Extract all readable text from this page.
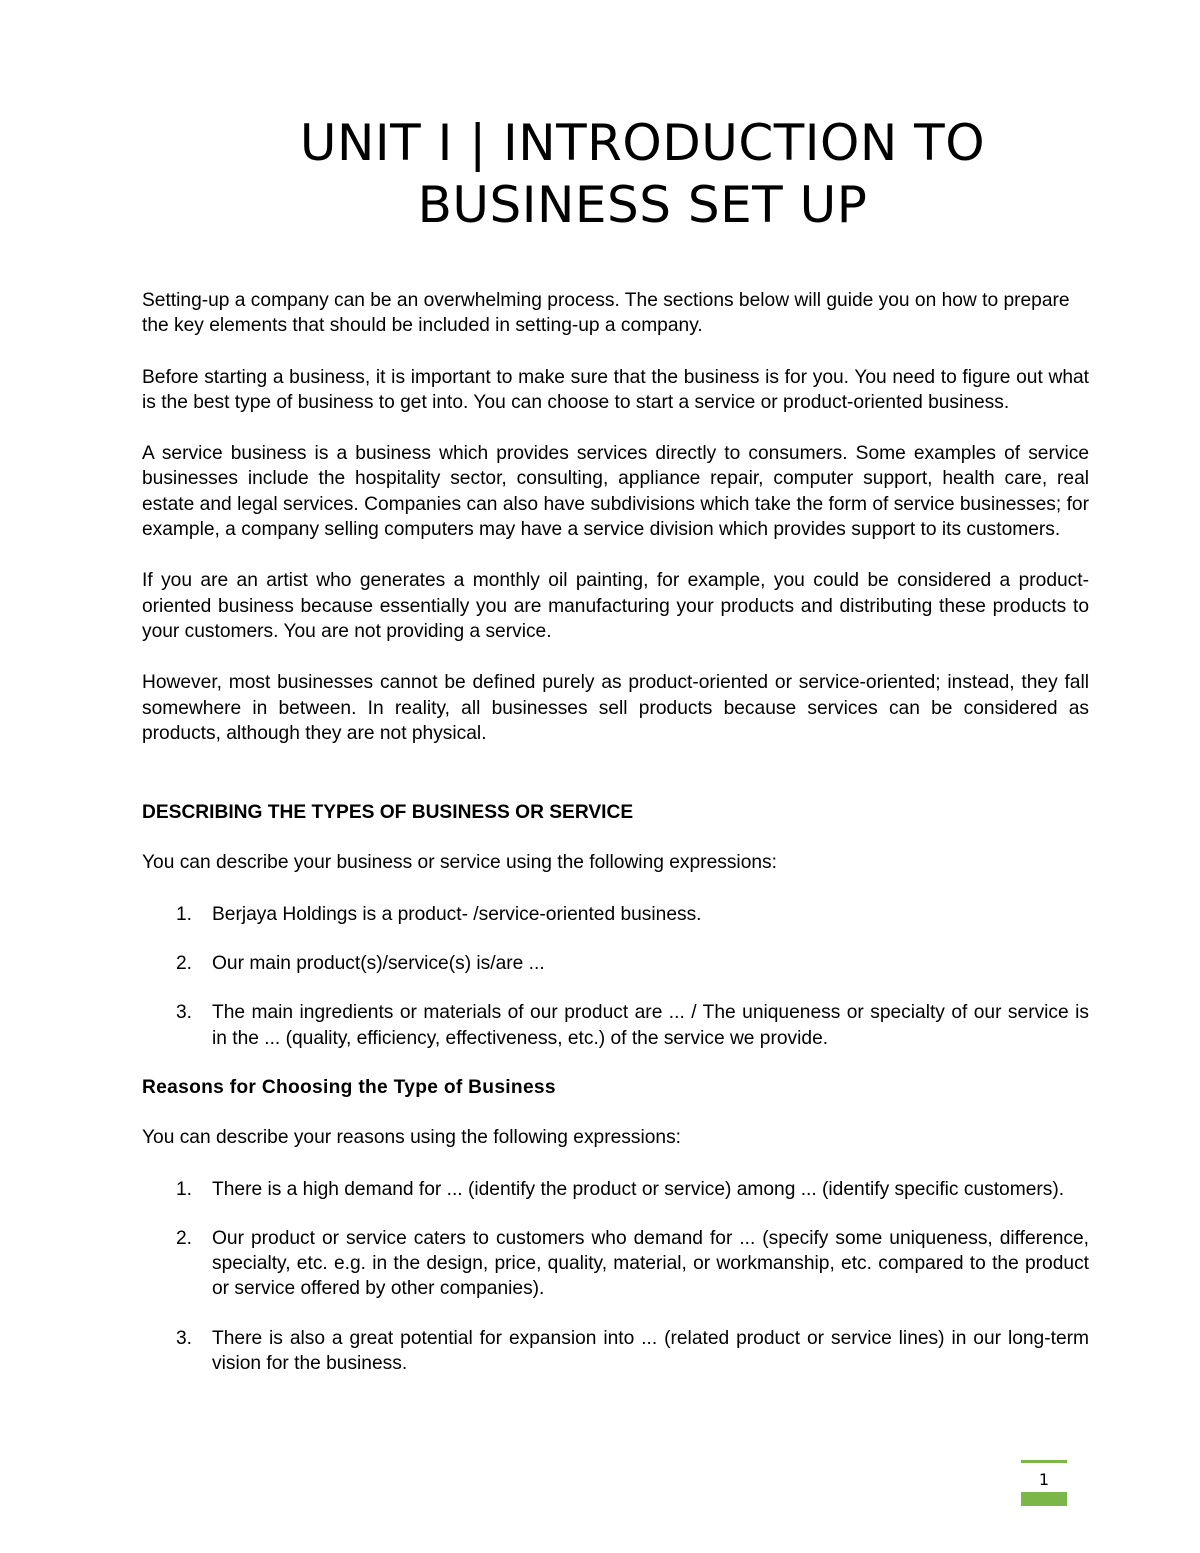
UNIT I | INTRODUCTION TO
BUSINESS SET UP

Setting-up a company can be an overwhelming process. The sections below will guide you on how to prepare the key elements that should be included in setting-up a company.

Before starting a business, it is important to make sure that the business is for you. You need to figure out what is the best type of business to get into. You can choose to start a service or product-oriented business.

A service business is a business which provides services directly to consumers. Some examples of service businesses include the hospitality sector, consulting, appliance repair, computer support, health care, real estate and legal services. Companies can also have subdivisions which take the form of service businesses; for example, a company selling computers may have a service division which provides support to its customers.

If you are an artist who generates a monthly oil painting, for example, you could be considered a product-oriented business because essentially you are manufacturing your products and distributing these products to your customers. You are not providing a service.

However, most businesses cannot be defined purely as product-oriented or service-oriented; instead, they fall somewhere in between. In reality, all businesses sell products because services can be considered as products, although they are not physical.

DESCRIBING THE TYPES OF BUSINESS OR SERVICE

You can describe your business or service using the following expressions:

1. Berjaya Holdings is a product- /service-oriented business.
2. Our main product(s)/service(s) is/are ...
3. The main ingredients or materials of our product are ... / The uniqueness or specialty of our service is in the ... (quality, efficiency, effectiveness, etc.) of the service we provide.

Reasons for Choosing the Type of Business

You can describe your reasons using the following expressions:

1. There is a high demand for ... (identify the product or service) among ... (identify specific customers).
2. Our product or service caters to customers who demand for ... (specify some uniqueness, difference, specialty, etc. e.g. in the design, price, quality, material, or workmanship, etc. compared to the product or service offered by other companies).
3. There is also a great potential for expansion into ... (related product or service lines) in our long-term vision for the business.
1
